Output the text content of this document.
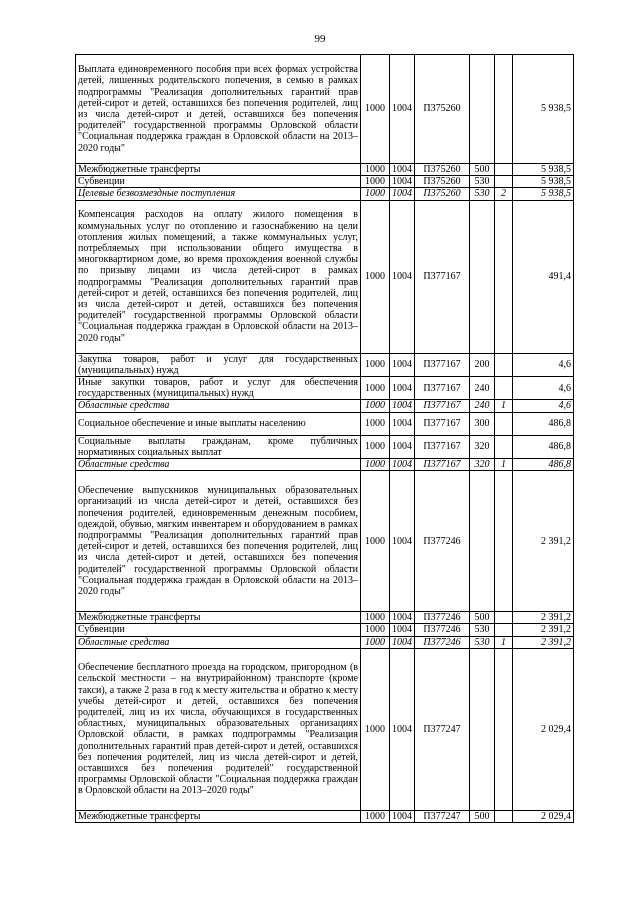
99
Выплата единовременного пособия при всех формах устройства детей, лишенных родительского попечения, в семью в рамках подпрограммы "Реализация дополнительных гарантий прав детей-сирот и детей, оставшихся без попечения родителей, лиц из числа детей-сирот и детей, оставшихся без попечения родителей" государственной программы Орловской области "Социальная поддержка граждан в Орловской области на 2013–2020 годы"	1000	1004	П375260			5 938,5
Межбюджетные трансферты	1000	1004	П375260	500		5 938,5
Субвенции	1000	1004	П375260	530		5 938,5
Целевые безвозмездные поступления	1000	1004	П375260	530	2	5 938,5
Компенсация расходов на оплату жилого помещения в коммунальных услуг по отоплению и газоснабжению на цели отопления жилых помещений, а также коммунальных услуг, потребляемых при использовании общего имущества в многоквартирном доме, во время прохождения военной службы по призыву лицами из числа детей-сирот в рамках подпрограммы "Реализация дополнительных гарантий прав детей-сирот и детей, оставшихся без попечения родителей, лиц из числа детей-сирот и детей, оставшихся без попечения родителей" государственной программы Орловской области "Социальная поддержка граждан в Орловской области на 2013–2020 годы"	1000	1004	П377167			491,4
Закупка товаров, работ и услуг для государственных (муниципальных) нужд	1000	1004	П377167	200		4,6
Иные закупки товаров, работ и услуг для обеспечения государственных (муниципальных) нужд	1000	1004	П377167	240		4,6
Областные средства	1000	1004	П377167	240	1	4,6
Социальное обеспечение и иные выплаты населению	1000	1004	П377167	300		486,8
Социальные выплаты гражданам, кроме публичных нормативных социальных выплат	1000	1004	П377167	320		486,8
Областные средства	1000	1004	П377167	320	1	486,8
Обеспечение выпускников муниципальных образовательных организаций из числа детей-сирот и детей, оставшихся без попечения родителей, единовременным денежным пособием, одеждой, обувью, мягким инвентарем и оборудованием в рамках подпрограммы "Реализация дополнительных гарантий прав детей-сирот и детей, оставшихся без попечения родителей, лиц из числа детей-сирот и детей, оставшихся без попечения родителей" государственной программы Орловской области "Социальная поддержка граждан в Орловской области на 2013–2020 годы"	1000	1004	П377246			2 391,2
Межбюджетные трансферты	1000	1004	П377246	500		2 391,2
Субвенции	1000	1004	П377246	530		2 391,2
Областные средства	1000	1004	П377246	530	1	2 391,2
Обеспечение бесплатного проезда на городском, пригородном (в сельской местности – на внутрирайонном) транспорте (кроме такси), а также 2 раза в год к месту жительства и обратно к месту учебы детей-сирот и детей, оставшихся без попечения родителей, лиц из их числа, обучающихся в государственных областных, муниципальных образовательных организациях Орловской области, в рамках подпрограммы "Реализация дополнительных гарантий прав детей-сирот и детей, оставшихся без попечения родителей, лиц из числа детей-сирот и детей, оставшихся без попечения родителей" государственной программы Орловской области "Социальная поддержка граждан в Орловской области на 2013–2020 годы"	1000	1004	П377247			2 029,4
Межбюджетные трансферты	1000	1004	П377247	500		2 029,4
